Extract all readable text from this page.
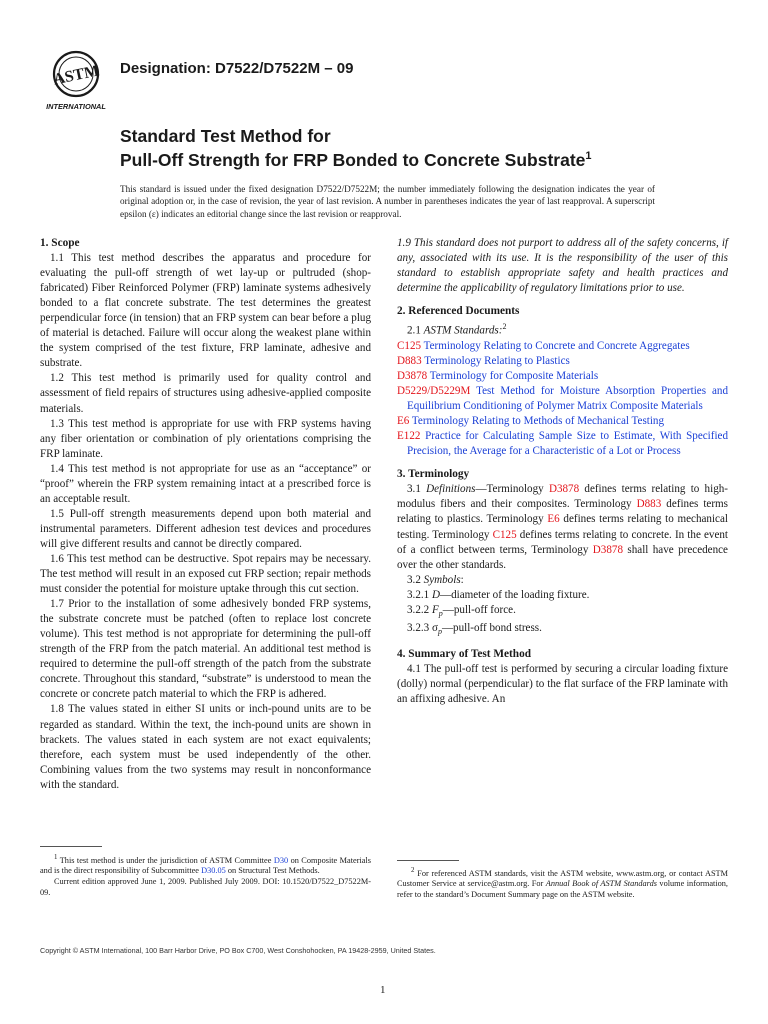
ASTM
INTERNATIONAL
Designation: D7522/D7522M – 09
Standard Test Method for
Pull-Off Strength for FRP Bonded to Concrete Substrate$^1$
This standard is issued under the fixed designation D7522/D7522M; the number immediately following the designation indicates the year of original adoption or, in the case of revision, the year of last revision. A number in parentheses indicates the year of last reapproval. A superscript epsilon (ε) indicates an editorial change since the last revision or reapproval.
1. Scope

1.1 This test method describes the apparatus and procedure for evaluating the pull-off strength of wet lay-up or pultruded (shop-fabricated) Fiber Reinforced Polymer (FRP) laminate systems adhesively bonded to a flat concrete substrate. The test determines the greatest perpendicular force (in tension) that an FRP system can bear before a plug of material is detached. Failure will occur along the weakest plane within the system comprised of the test fixture, FRP laminate, adhesive and substrate.

1.2 This test method is primarily used for quality control and assessment of field repairs of structures using adhesive-applied composite materials.

1.3 This test method is appropriate for use with FRP systems having any fiber orientation or combination of ply orientations comprising the FRP laminate.

1.4 This test method is not appropriate for use as an “acceptance” or “proof” wherein the FRP system remaining intact at a prescribed force is an acceptable result.

1.5 Pull-off strength measurements depend upon both material and instrumental parameters. Different adhesion test devices and procedures will give different results and cannot be directly compared.

1.6 This test method can be destructive. Spot repairs may be necessary. The test method will result in an exposed cut FRP section; repair methods must consider the potential for moisture uptake through this cut section.

1.7 Prior to the installation of some adhesively bonded FRP systems, the substrate concrete must be patched (often to replace lost concrete volume). This test method is not appropriate for determining the pull-off strength of the FRP from the patch material. An additional test method is required to determine the pull-off strength of the patch from the substrate concrete. Throughout this standard, “substrate” is understood to mean the concrete or concrete patch material to which the FRP is adhered.

1.8 The values stated in either SI units or inch-pound units are to be regarded as standard. Within the text, the inch-pound units are shown in brackets. The values stated in each system are not exact equivalents; therefore, each system must be used independently of the other. Combining values from the two systems may result in nonconformance with the standard.

$^1$ This test method is under the jurisdiction of ASTM Committee D30 on Composite Materials and is the direct responsibility of Subcommittee D30.05 on Structural Test Methods.

Current edition approved June 1, 2009. Published July 2009. DOI: 10.1520/D7522_D7522M-09.

1.9 This standard does not purport to address all of the safety concerns, if any, associated with its use. It is the responsibility of the user of this standard to establish appropriate safety and health practices and determine the applicability of regulatory limitations prior to use.

2. Referenced Documents

2.1 ASTM Standards:$^2$

C125 Terminology Relating to Concrete and Concrete Aggregates
D883 Terminology Relating to Plastics
D3878 Terminology for Composite Materials
D5229/D5229M Test Method for Moisture Absorption Properties and Equilibrium Conditioning of Polymer Matrix Composite Materials
E6 Terminology Relating to Methods of Mechanical Testing
E122 Practice for Calculating Sample Size to Estimate, With Specified Precision, the Average for a Characteristic of a Lot or Process
3. Terminology

3.1 Definitions—Terminology D3878 defines terms relating to high-modulus fibers and their composites. Terminology D883 defines terms relating to plastics. Terminology E6 defines terms relating to mechanical testing. Terminology C125 defines terms relating to concrete. In the event of a conflict between terms, Terminology D3878 shall have precedence over the other standards.

3.2 Symbols:

3.2.1 D—diameter of the loading fixture.

3.2.2 $F_p—pull$-off force.

3.2.3 $\sigma_p—pull$-off bond stress.

4. Summary of Test Method

4.1 The pull-off test is performed by securing a circular loading fixture (dolly) normal (perpendicular) to the flat surface of the FRP laminate with an affixing adhesive. An

$^2$ For referenced ASTM standards, visit the ASTM website, www.astm.org, or contact ASTM Customer Service at service@astm.org. For Annual Book of ASTM Standards volume information, refer to the standard’s Document Summary page on the ASTM website.

Copyright © ASTM International, 100 Barr Harbor Drive, PO Box C700, West Conshohocken, PA 19428-2959, United States.
1
